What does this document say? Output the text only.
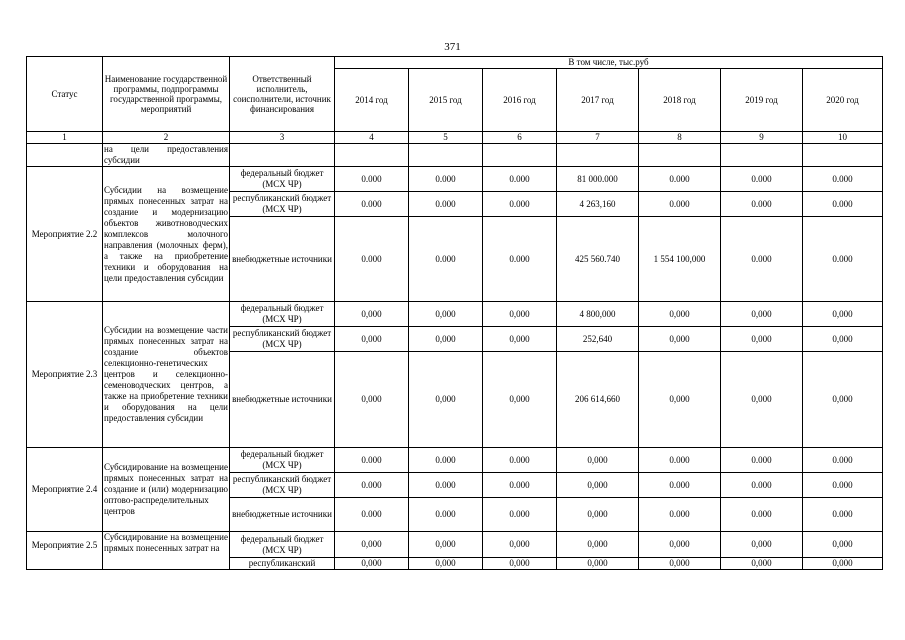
371
Статус	Наименование государственной программы, подпрограммы государственной программы, мероприятий	Ответственный исполнитель, соисполнители, источник финансирования	В том числе, тыс.руб						
			2014 год	2015 год	2016 год	2017 год	2018 год	2019 год	2020 год
1	2	3	4	5	6	7	8	9	10
	на цели предоставления субсидии								
Мероприятие 2.2	Субсидии на возмещение прямых понесенных затрат на создание и модернизацию объектов животноводческих комплексов молочного направления (молочных ферм), а также на приобретение техники и оборудования на цели предоставления субсидии	федеральный бюджет (МСХ ЧР)	0.000	0.000	0.000	81 000.000	0.000	0.000	0.000
		республиканский бюджет (МСХ ЧР)	0.000	0.000	0.000	4 263,160	0.000	0.000	0.000
		внебюджетные источники	0.000	0.000	0.000	425 560.740	1 554 100,000	0.000	0.000
Мероприятие 2.3	Субсидии на возмещение части прямых понесенных затрат на создание объектов селекционно-генетических центров и селекционно-семеноводческих центров, а также на приобретение техники и оборудования на цели предоставления субсидии	федеральный бюджет (МСХ ЧР)	0,000	0,000	0,000	4 800,000	0,000	0,000	0,000
		республиканский бюджет (МСХ ЧР)	0,000	0,000	0,000	252,640	0,000	0,000	0,000
		внебюджетные источники	0,000	0,000	0,000	206 614,660	0,000	0,000	0,000
Мероприятие 2.4	Субсидирование на возмещение прямых понесенных затрат на создание и (или) модернизацию оптово-распределительных центров	федеральный бюджет (МСХ ЧР)	0.000	0.000	0.000	0,000	0.000	0.000	0.000
		республиканский бюджет (МСХ ЧР)	0.000	0.000	0.000	0,000	0.000	0.000	0.000
		внебюджетные источники	0.000	0.000	0.000	0,000	0.000	0.000	0.000
Мероприятие 2.5	Субсидирование на возмещение прямых понесенных затрат на	федеральный бюджет (МСХ ЧР)	0,000	0,000	0,000	0,000	0,000	0,000	0,000
		республиканский	0,000	0,000	0,000	0,000	0,000	0,000	0,000
